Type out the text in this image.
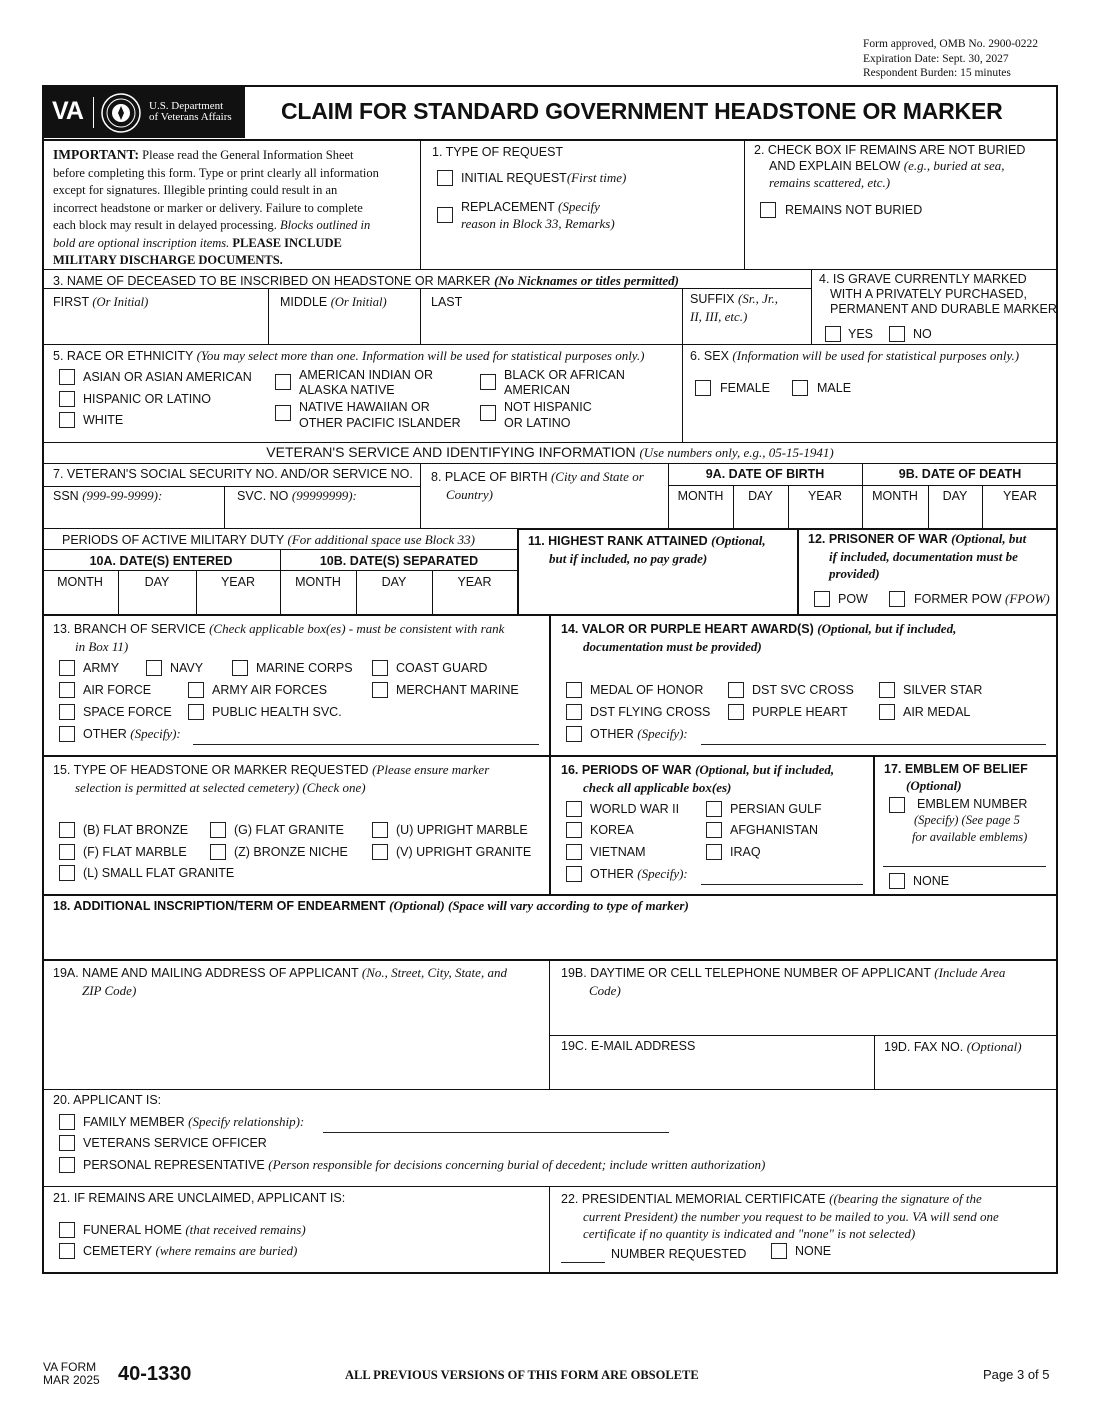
Form approved, OMB No. 2900-0222
Expiration Date: Sept. 30, 2027
Respondent Burden: 15 minutes
VA	U.S. Department
of Veterans Affairs CLAIM FOR STANDARD GOVERNMENT HEADSTONE OR MARKER
IMPORTANT: Please read the General Information Sheet
before completing this form. Type or print clearly all information
except for signatures. Illegible printing could result in an
incorrect headstone or marker or delivery. Failure to complete
each block may result in delayed processing. Blocks outlined in
bold are optional inscription items. PLEASE INCLUDE
MILITARY DISCHARGE DOCUMENTS.
1. TYPE OF REQUEST
INITIAL REQUEST(First time)
REPLACEMENT (Specify
reason in Block 33, Remarks)
2. CHECK BOX IF REMAINS ARE NOT BURIED
AND EXPLAIN BELOW (e.g., buried at sea,
remains scattered, etc.)
REMAINS NOT BURIED
3. NAME OF DECEASED TO BE INSCRIBED ON HEADSTONE OR MARKER (No Nicknames or titles permitted)
FIRST (Or Initial)	MIDDLE (Or Initial)	LAST	SUFFIX (Sr., Jr.,
II, III, etc.)
4. IS GRAVE CURRENTLY MARKED
WITH A PRIVATELY PURCHASED,
PERMANENT AND DURABLE MARKER
YES	NO
5. RACE OR ETHNICITY (You may select more than one. Information will be used for statistical purposes only.)
ASIAN OR ASIAN AMERICAN
HISPANIC OR LATINO
WHITE
AMERICAN INDIAN OR
ALASKA NATIVE
NATIVE HAWAIIAN OR
OTHER PACIFIC ISLANDER
BLACK OR AFRICAN
AMERICAN
NOT HISPANIC
OR LATINO
6. SEX (Information will be used for statistical purposes only.)
FEMALE	MALE
VETERAN'S SERVICE AND IDENTIFYING INFORMATION (Use numbers only, e.g., 05-15-1941)
7. VETERAN'S SOCIAL SECURITY NO. AND/OR SERVICE NO.
SSN (999-99-9999):	SVC. NO (99999999):
8. PLACE OF BIRTH (City and State or
Country)
9A. DATE OF BIRTH	9B. DATE OF DEATH
MONTH	DAY	YEAR	MONTH	DAY	YEAR
PERIODS OF ACTIVE MILITARY DUTY (For additional space use Block 33)
10A. DATE(S) ENTERED	10B. DATE(S) SEPARATED
MONTH	DAY	YEAR	MONTH	DAY	YEAR
11. HIGHEST RANK ATTAINED (Optional,
but if included, no pay grade)
12. PRISONER OF WAR (Optional, but
if included, documentation must be
provided)
POW	FORMER POW (FPOW)
13. BRANCH OF SERVICE (Check applicable box(es) - must be consistent with rank
in Box 11)
ARMY	NAVY	MARINE CORPS	COAST GUARD
AIR FORCE	ARMY AIR FORCES	MERCHANT MARINE
SPACE FORCE	PUBLIC HEALTH SVC.
OTHER (Specify):
14. VALOR OR PURPLE HEART AWARD(S) (Optional, but if included,
documentation must be provided)
MEDAL OF HONOR	DST SVC CROSS	SILVER STAR
DST FLYING CROSS	PURPLE HEART	AIR MEDAL
OTHER (Specify):
15. TYPE OF HEADSTONE OR MARKER REQUESTED (Please ensure marker
selection is permitted at selected cemetery) (Check one)
(B) FLAT BRONZE	(G) FLAT GRANITE	(U) UPRIGHT MARBLE
(F) FLAT MARBLE	(Z) BRONZE NICHE	(V) UPRIGHT GRANITE
(L) SMALL FLAT GRANITE
16. PERIODS OF WAR (Optional, but if included,
check all applicable box(es)
WORLD WAR II	PERSIAN GULF
KOREA	AFGHANISTAN
VIETNAM	IRAQ
OTHER (Specify):
17. EMBLEM OF BELIEF
(Optional)
EMBLEM NUMBER
(Specify) (See page 5
for available emblems)
NONE
18. ADDITIONAL INSCRIPTION/TERM OF ENDEARMENT (Optional) (Space will vary according to type of marker)
19A. NAME AND MAILING ADDRESS OF APPLICANT (No., Street, City, State, and
ZIP Code)
19B. DAYTIME OR CELL TELEPHONE NUMBER OF APPLICANT (Include Area
Code)
19C. E-MAIL ADDRESS	19D. FAX NO. (Optional)
20. APPLICANT IS:
FAMILY MEMBER (Specify relationship):
VETERANS SERVICE OFFICER
PERSONAL REPRESENTATIVE (Person responsible for decisions concerning burial of decedent; include written authorization)
21. IF REMAINS ARE UNCLAIMED, APPLICANT IS:
FUNERAL HOME (that received remains)
CEMETERY (where remains are buried)
22. PRESIDENTIAL MEMORIAL CERTIFICATE ((bearing the signature of the
current President) the number you request to be mailed to you. VA will send one
certificate if no quantity is indicated and "none" is not selected)
NUMBER REQUESTED	NONE
VA FORM
MAR 2025 40-1330	ALL PREVIOUS VERSIONS OF THIS FORM ARE OBSOLETE	Page 3 of 5
